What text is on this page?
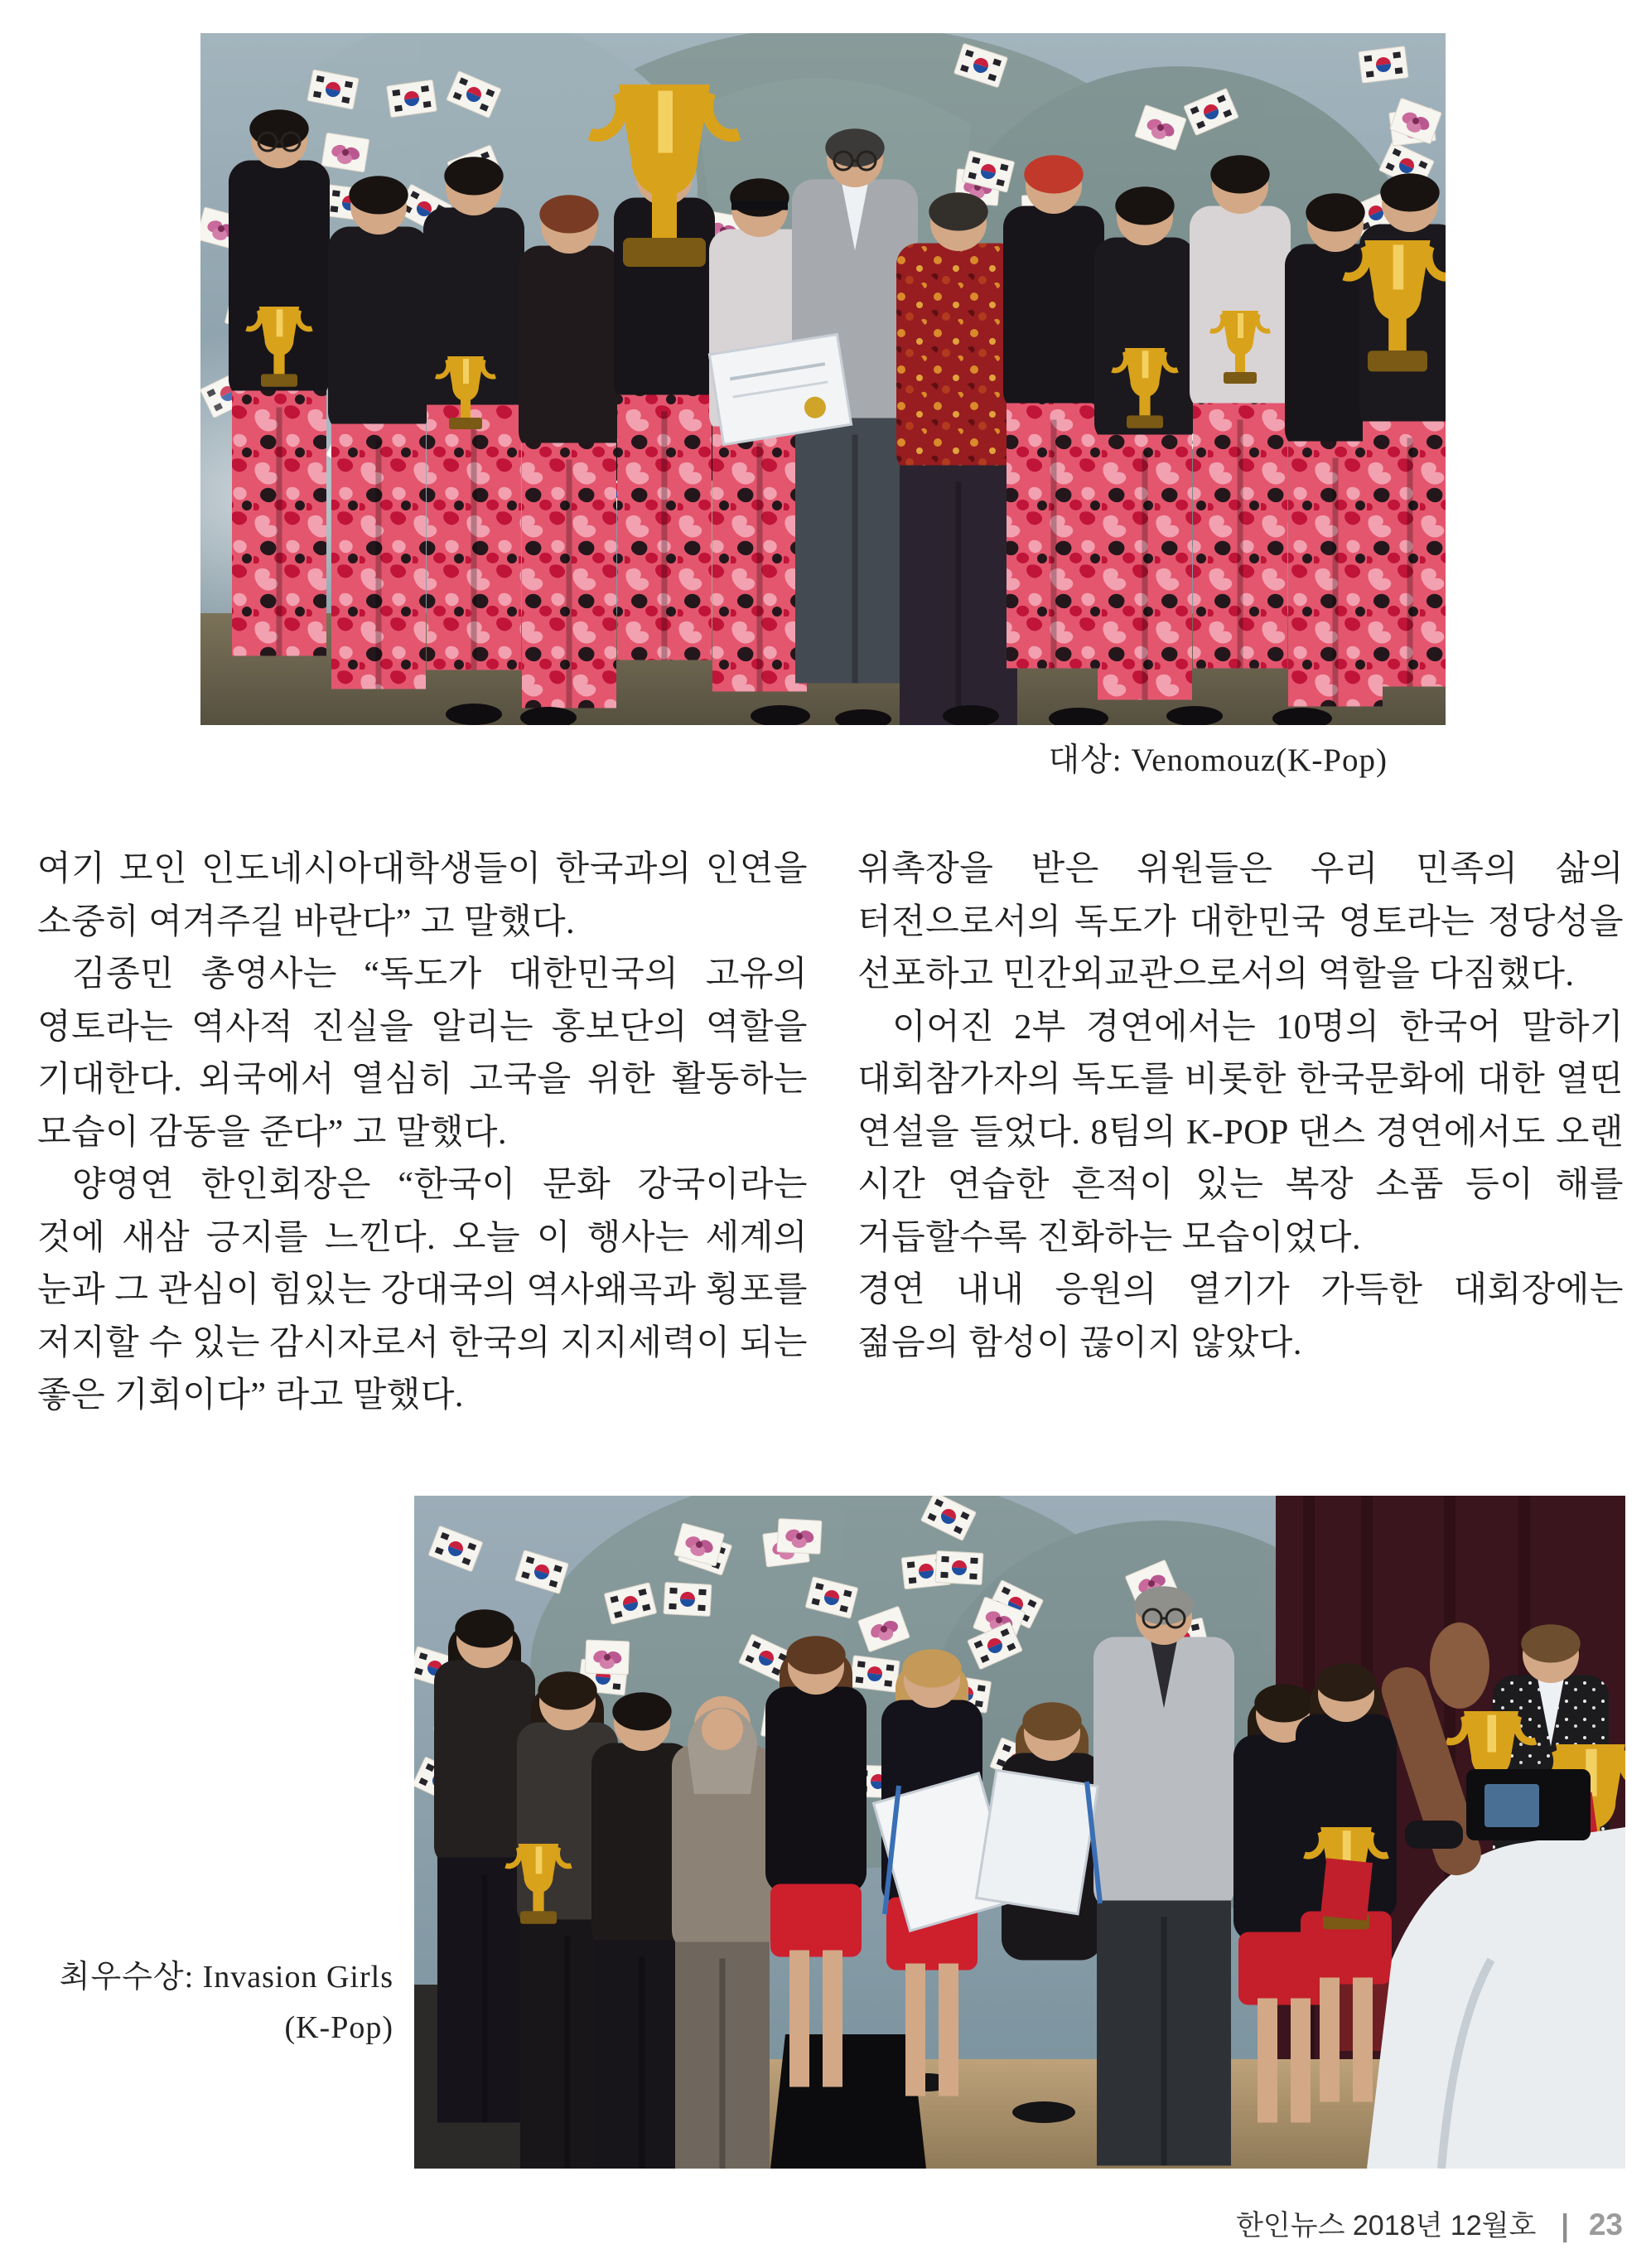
대상: Venomouz(K-Pop)

여기 모인 인도네시아대학생들이 한국과의 인연을 소중히 여겨주길 바란다” 고 말했다.

김종민 총영사는 “독도가 대한민국의 고유의 영토라는 역사적 진실을 알리는 홍보단의 역할을 기대한다. 외국에서 열심히 고국을 위한 활동하는 모습이 감동을 준다” 고 말했다.

양영연 한인회장은 “한국이 문화 강국이라는 것에 새삼 긍지를 느낀다. 오늘 이 행사는 세계의 눈과 그 관심이 힘있는 강대국의 역사왜곡과 횡포를 저지할 수 있는 감시자로서 한국의 지지세력이 되는 좋은 기회이다” 라고 말했다.

위촉장을 받은 위원들은 우리 민족의 삶의 터전으로서의 독도가 대한민국 영토라는 정당성을 선포하고 민간외교관으로서의 역할을 다짐했다.

이어진 2부 경연에서는 10명의 한국어 말하기 대회참가자의 독도를 비롯한 한국문화에 대한 열띤 연설을 들었다. 8팀의 K-POP 댄스 경연에서도 오랜 시간 연습한 흔적이 있는 복장 소품 등이 해를 거듭할수록 진화하는 모습이었다.

경연 내내 응원의 열기가 가득한 대회장에는 젊음의 함성이 끊이지 않았다.

최우수상: Invasion Girls
(K-Pop)
한인뉴스 2018년 12월호 | 23
